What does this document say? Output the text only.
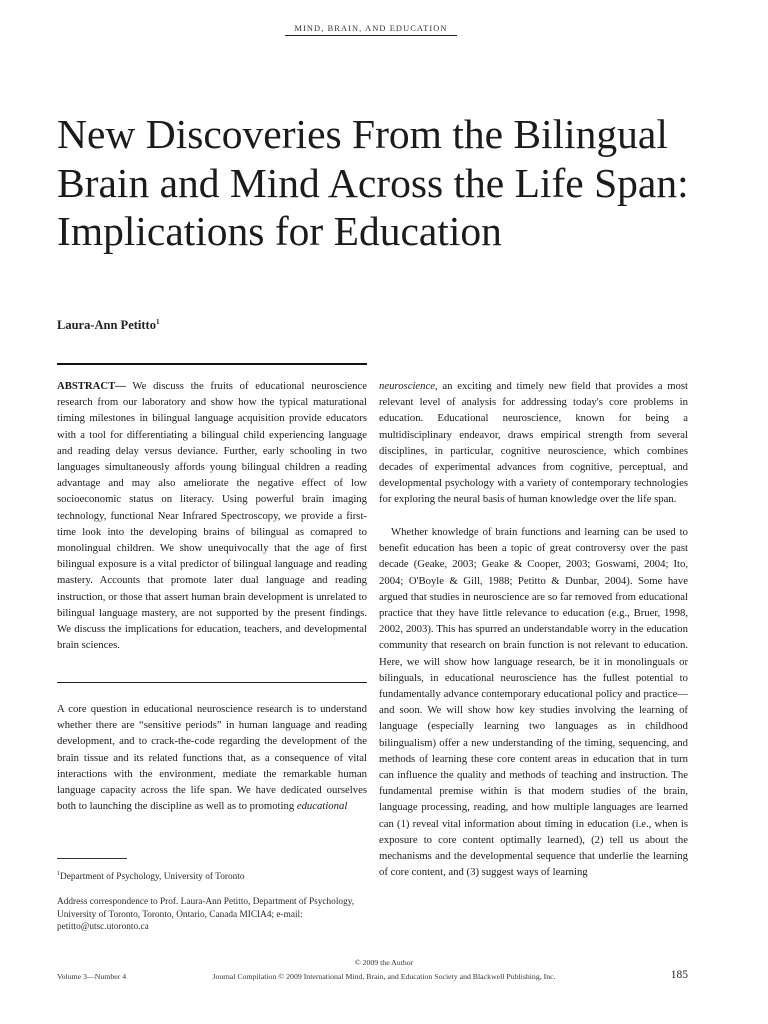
MIND, BRAIN, AND EDUCATION
New Discoveries From the Bilingual Brain and Mind Across the Life Span: Implications for Education
Laura-Ann Petitto$^1$

ABSTRACT— We discuss the fruits of educational neuroscience research from our laboratory and show how the typical maturational timing milestones in bilingual language acquisition provide educators with a tool for differentiating a bilingual child experiencing language and reading delay versus deviance. Further, early schooling in two languages simultaneously affords young bilingual children a reading advantage and may also ameliorate the negative effect of low socioeconomic status on literacy. Using powerful brain imaging technology, functional Near Infrared Spectroscopy, we provide a first-time look into the developing brains of bilingual as comapred to monolingual children. We show unequivocally that the age of first bilingual exposure is a vital predictor of bilingual language and reading mastery. Accounts that promote later dual language and reading instruction, or those that assert human brain development is unrelated to bilingual language mastery, are not supported by the present findings. We discuss the implications for education, teachers, and developmental brain sciences.

A core question in educational neuroscience research is to understand whether there are “sensitive periods” in human language and reading development, and to crack-the-code regarding the development of the brain tissue and its related functions that, as a consequence of vital interactions with the environment, mediate the remarkable human language capacity across the life span. We have dedicated ourselves both to launching the discipline as well as to promoting educational

$^1$Department of Psychology, University of Toronto
Address correspondence to Prof. Laura-Ann Petitto, Department of Psychology, University of Toronto, Toronto, Ontario, Canada MICIA4; e-mail: petitto@utsc.utoronto.ca

neuroscience, an exciting and timely new field that provides a most relevant level of analysis for addressing today's core problems in education. Educational neuroscience, known for being a multidisciplinary endeavor, draws empirical strength from several disciplines, in particular, cognitive neuroscience, which combines decades of experimental advances from cognitive, perceptual, and developmental psychology with a variety of contemporary technologies for exploring the neural basis of human knowledge over the life span.

Whether knowledge of brain functions and learning can be used to benefit education has been a topic of great controversy over the past decade (Geake, 2003; Geake & Cooper, 2003; Goswami, 2004; Ito, 2004; O'Boyle & Gill, 1988; Petitto & Dunbar, 2004). Some have argued that studies in neuroscience are so far removed from educational practice that they have little relevance to education (e.g., Bruer, 1998, 2002, 2003). This has spurred an understandable worry in the education community that research on brain function is not relevant to education. Here, we will show how language research, be it in monolinguals or bilinguals, in educational neuroscience has the fullest potential to fundamentally advance contemporary educational policy and practice—and soon. We will show how key studies involving the learning of language (especially learning two languages as in childhood bilingualism) offer a new understanding of the timing, sequencing, and methods of learning these core content areas in education that in turn can influence the quality and methods of teaching and instruction. The fundamental premise within is that modern studies of the brain, language processing, reading, and how multiple languages are learned can (1) reveal vital information about timing in education (i.e., when is exposure to core content optimally learned), (2) tell us about the mechanisms and the developmental sequence that underlie the learning of core content, and (3) suggest ways of learning

© 2009 the Author
Volume 3—Number 4	Journal Compilation © 2009 International Mind, Brain, and Education Society and Blackwell Publishing, Inc.	185
